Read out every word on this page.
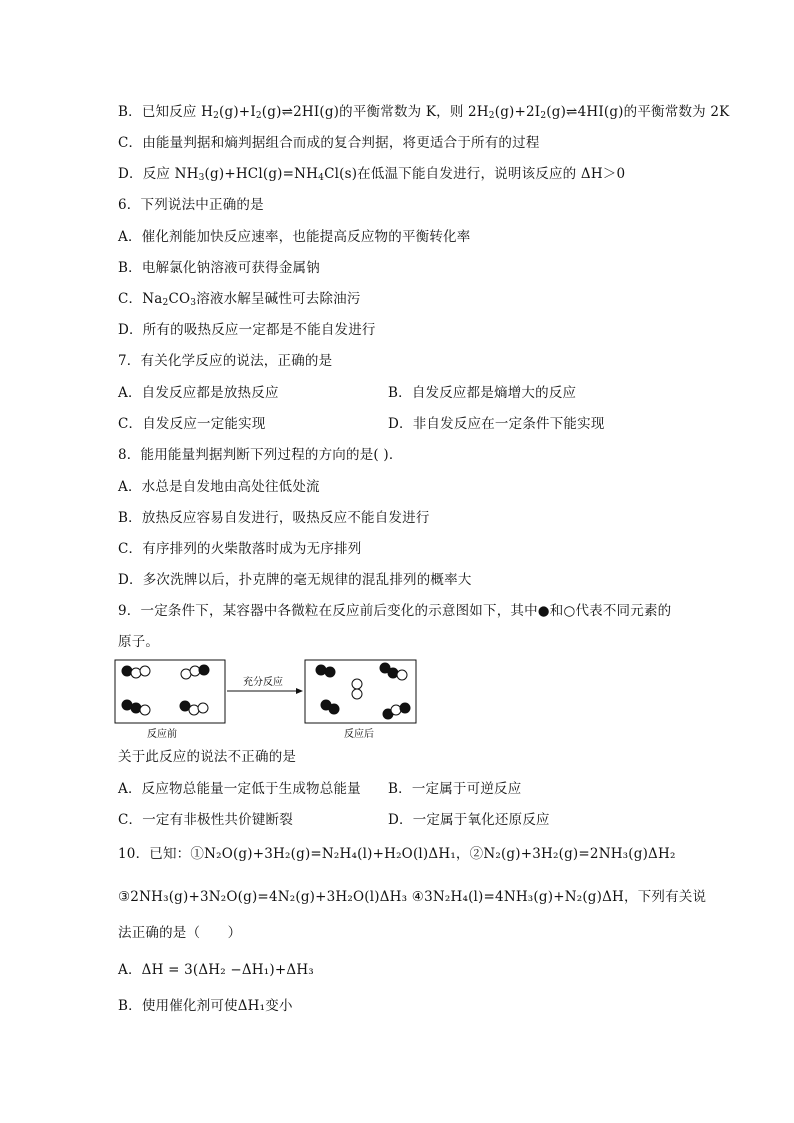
B．已知反应 $H_2(g)+I_2(g)\rightleftharpoons 2HI(g)$的平衡常数为 K，则 $2H_2(g)+2I_2(g)\rightleftharpoons 4HI(g)$的平衡常数为 2K
C．由能量判据和熵判据组合而成的复合判据，将更适合于所有的过程
D．反应 $NH_3(g)+HCl(g)=NH_4Cl(s)$在低温下能自发进行，说明该反应的 ΔH＞0
6．下列说法中正确的是
A．催化剂能加快反应速率，也能提高反应物的平衡转化率
B．电解氯化钠溶液可获得金属钠
C．$Na_2CO_3$溶液水解呈碱性可去除油污
D．所有的吸热反应一定都是不能自发进行
7．有关化学反应的说法，正确的是
A．自发反应都是放热反应	B．自发反应都是熵增大的反应
C．自发反应一定能实现	D．非自发反应在一定条件下能实现
8．能用能量判据判断下列过程的方向的是( )．
A．水总是自发地由高处往低处流
B．放热反应容易自发进行，吸热反应不能自发进行
C．有序排列的火柴散落时成为无序排列
D．多次洗牌以后，扑克牌的毫无规律的混乱排列的概率大
9．一定条件下，某容器中各微粒在反应前后变化的示意图如下，其中●和○代表不同元素的
原子。
充分反应
反应前	反应后
关于此反应的说法不正确的是
A．反应物总能量一定低于生成物总能量 B．一定属于可逆反应
C．一定有非极性共价键断裂	D．一定属于氧化还原反应
10．已知：①N₂O(g)+3H₂(g)=N₂H₄(l)+H₂O(l)ΔH₁，②N₂(g)+3H₂(g)=2NH₃(g)ΔH₂
③2NH₃(g)+3N₂O(g)=4N₂(g)+3H₂O(l)ΔH₃ ④3N₂H₄(l)=4NH₃(g)+N₂(g)ΔH，下列有关说
法正确的是（　　）
A．ΔH = 3(ΔH₂ −ΔH₁)+ΔH₃
B．使用催化剂可使ΔH₁变小
